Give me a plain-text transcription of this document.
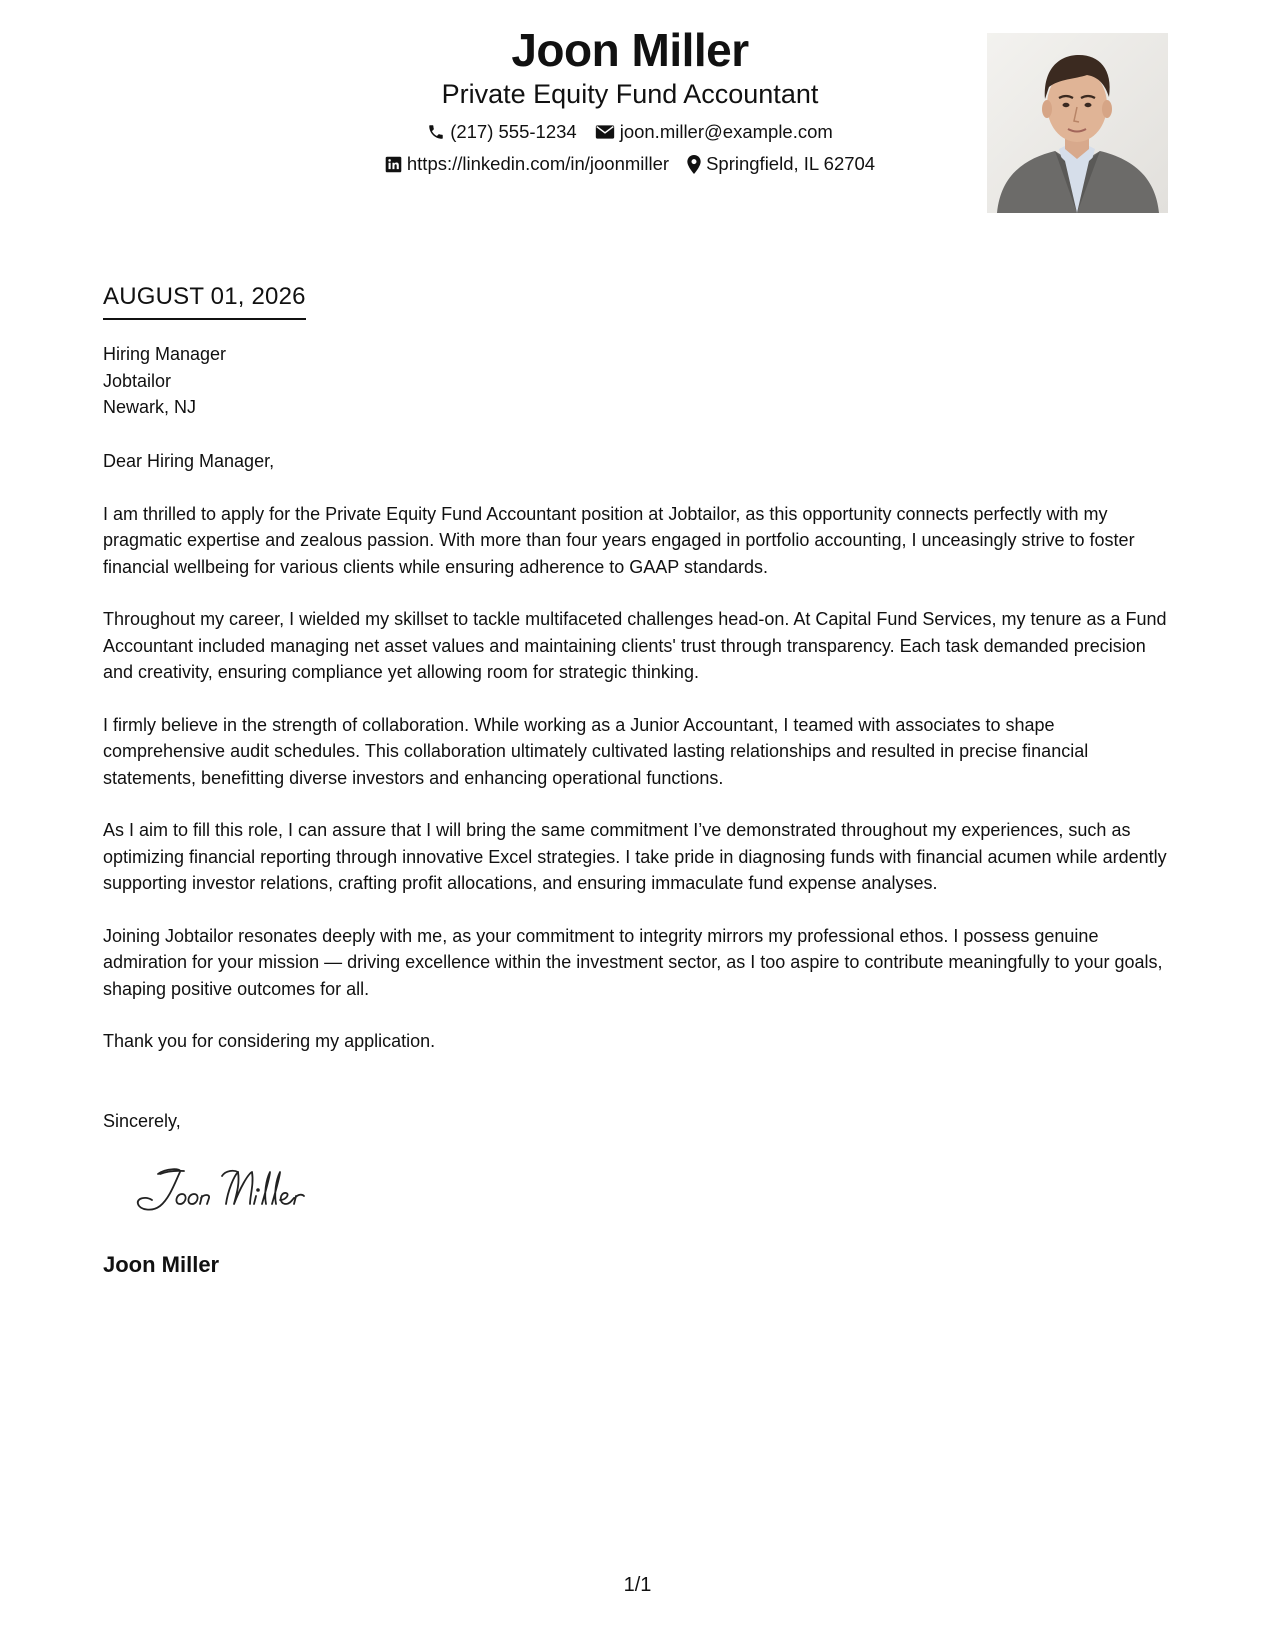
Joon Miller
Private Equity Fund Accountant
(217) 555-1234 joon.miller@example.com
https://linkedin.com/in/joonmiller Springfield, IL 62704
AUGUST 01, 2026
Hiring Manager
Jobtailor
Newark, NJ

Dear Hiring Manager,

I am thrilled to apply for the Private Equity Fund Accountant position at Jobtailor, as this opportunity connects perfectly with my pragmatic expertise and zealous passion. With more than four years engaged in portfolio accounting, I unceasingly strive to foster financial wellbeing for various clients while ensuring adherence to GAAP standards.

Throughout my career, I wielded my skillset to tackle multifaceted challenges head-on. At Capital Fund Services, my tenure as a Fund Accountant included managing net asset values and maintaining clients' trust through transparency. Each task demanded precision and creativity, ensuring compliance yet allowing room for strategic thinking.

I firmly believe in the strength of collaboration. While working as a Junior Accountant, I teamed with associates to shape comprehensive audit schedules. This collaboration ultimately cultivated lasting relationships and resulted in precise financial statements, benefitting diverse investors and enhancing operational functions.

As I aim to fill this role, I can assure that I will bring the same commitment I’ve demonstrated throughout my experiences, such as optimizing financial reporting through innovative Excel strategies. I take pride in diagnosing funds with financial acumen while ardently supporting investor relations, crafting profit allocations, and ensuring immaculate fund expense analyses.

Joining Jobtailor resonates deeply with me, as your commitment to integrity mirrors my professional ethos. I possess genuine admiration for your mission — driving excellence within the investment sector, as I too aspire to contribute meaningfully to your goals, shaping positive outcomes for all.

Thank you for considering my application.

Sincerely,
Joon Miller
1/1
